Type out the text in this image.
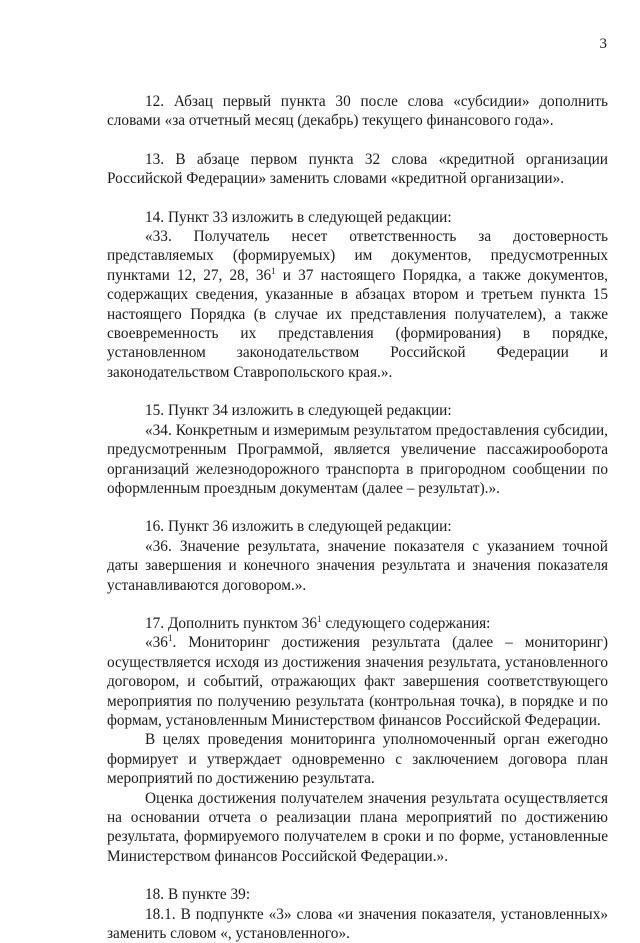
3

12. Абзац первый пункта 30 после слова «субсидии» дополнить словами «за отчетный месяц (декабрь) текущего финансового года».

13. В абзаце первом пункта 32 слова «кредитной организации Российской Федерации» заменить словами «кредитной организации».

14. Пункт 33 изложить в следующей редакции:

«33. Получатель несет ответственность за достоверность представляемых (формируемых) им документов, предусмотренных пунктами 12, 27, 28, $36^1$ и 37 настоящего Порядка, а также документов, содержащих сведения, указанные в абзацах втором и третьем пункта 15 настоящего Порядка (в случае их представления получателем), а также своевременность их представления (формирования) в порядке, установленном законодательством Российской Федерации и законодательством Ставропольского края.».

15. Пункт 34 изложить в следующей редакции:

«34. Конкретным и измеримым результатом предоставления субсидии, предусмотренным Программой, является увеличение пассажирооборота организаций железнодорожного транспорта в пригородном сообщении по оформленным проездным документам (далее – результат).».

16. Пункт 36 изложить в следующей редакции:

«36. Значение результата, значение показателя с указанием точной даты завершения и конечного значения результата и значения показателя устанавливаются договором.».

17. Дополнить пунктом $36^1$ следующего содержания:

«$36^1$. Мониторинг достижения результата (далее – мониторинг) осуществляется исходя из достижения значения результата, установленного договором, и событий, отражающих факт завершения соответствующего мероприятия по получению результата (контрольная точка), в порядке и по формам, установленным Министерством финансов Российской Федерации.

В целях проведения мониторинга уполномоченный орган ежегодно формирует и утверждает одновременно с заключением договора план мероприятий по достижению результата.

Оценка достижения получателем значения результата осуществляется на основании отчета о реализации плана мероприятий по достижению результата, формируемого получателем в сроки и по форме, установленные Министерством финансов Российской Федерации.».

18. В пункте 39:

18.1. В подпункте «3» слова «и значения показателя, установленных» заменить словом «, установленного».
